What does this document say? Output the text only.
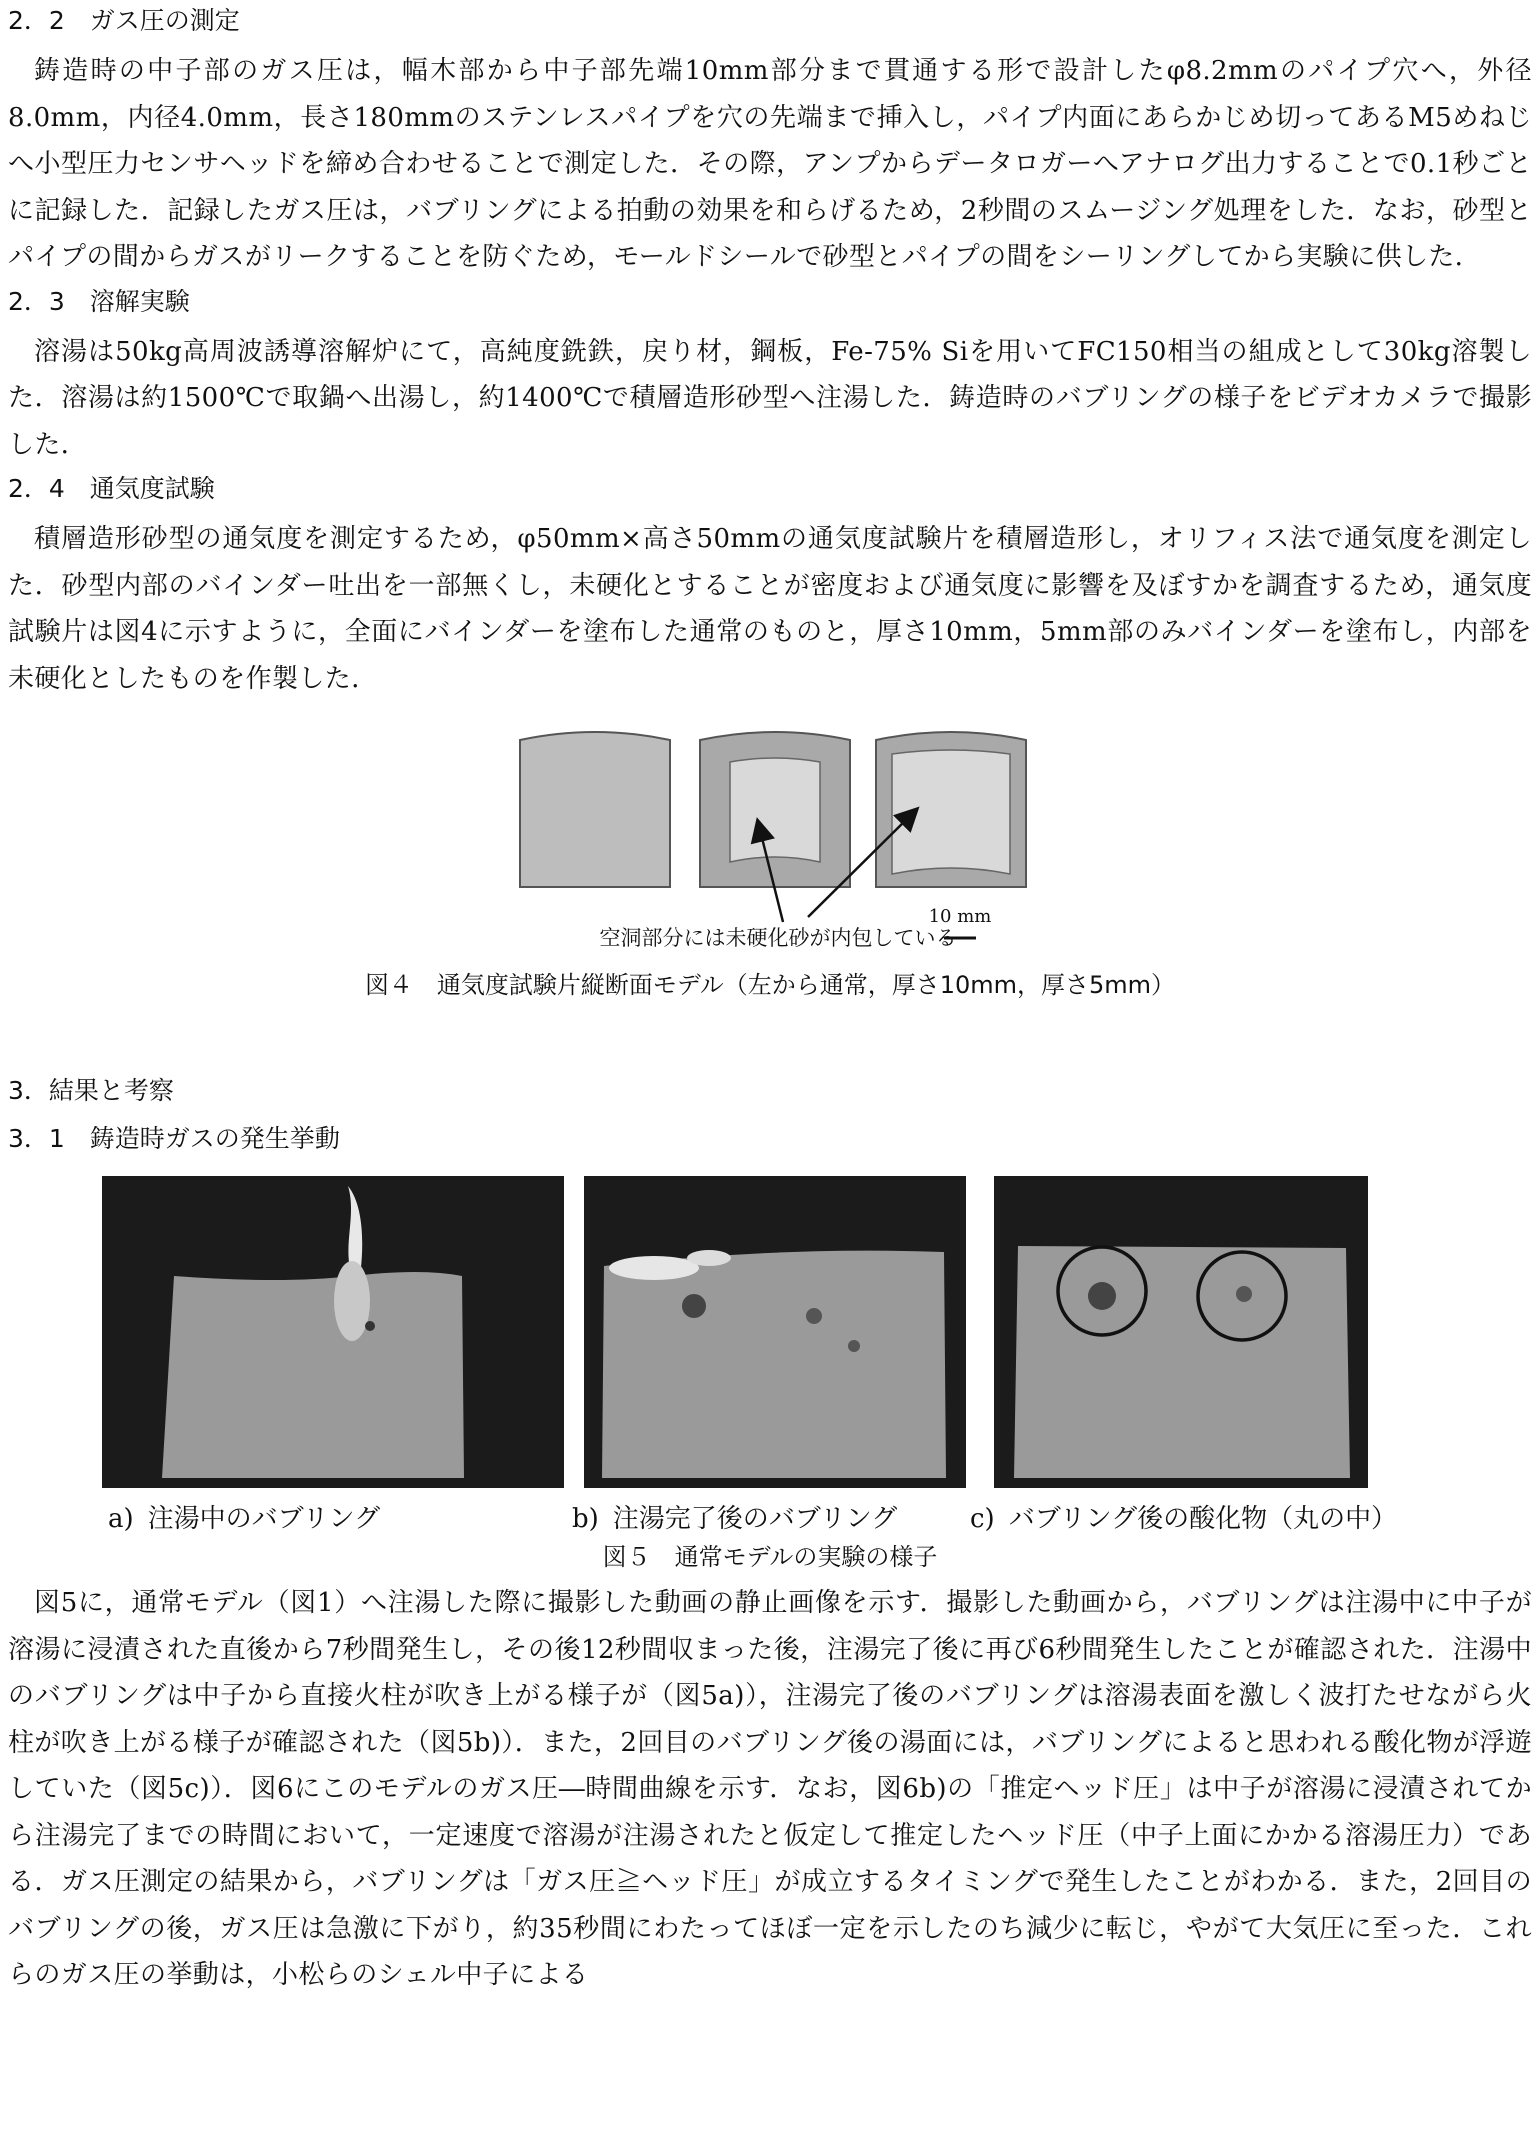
2．2　ガス圧の測定

鋳造時の中子部のガス圧は，幅木部から中子部先端10mm部分まで貫通する形で設計したφ8.2mmのパイプ穴へ，外径8.0mm，内径4.0mm，長さ180mmのステンレスパイプを穴の先端まで挿入し，パイプ内面にあらかじめ切ってあるM5めねじへ小型圧力センサヘッドを締め合わせることで測定した．その際，アンプからデータロガーへアナログ出力することで0.1秒ごとに記録した．記録したガス圧は，バブリングによる拍動の効果を和らげるため，2秒間のスムージング処理をした．なお，砂型とパイプの間からガスがリークすることを防ぐため，モールドシールで砂型とパイプの間をシーリングしてから実験に供した．

2．3　溶解実験

溶湯は50kg高周波誘導溶解炉にて，高純度銑鉄，戻り材，鋼板，Fe-75% Siを用いてFC150相当の組成として30kg溶製した．溶湯は約1500℃で取鍋へ出湯し，約1400℃で積層造形砂型へ注湯した．鋳造時のバブリングの様子をビデオカメラで撮影した．

2．4　通気度試験

積層造形砂型の通気度を測定するため，φ50mm×高さ50mmの通気度試験片を積層造形し，オリフィス法で通気度を測定した．砂型内部のバインダー吐出を一部無くし，未硬化とすることが密度および通気度に影響を及ぼすかを調査するため，通気度試験片は図4に示すように，全面にバインダーを塗布した通常のものと，厚さ10mm，5mm部のみバインダーを塗布し，内部を未硬化としたものを作製した．

空洞部分には未硬化砂が内包している
10 mm

図４　通気度試験片縦断面モデル（左から通常，厚さ10mm，厚さ5mm）

3．結果と考察
3．1　鋳造時ガスの発生挙動
a) 注湯中のバブリング	b) 注湯完了後のバブリング	c) バブリング後の酸化物（丸の中）

図５　通常モデルの実験の様子

図5に，通常モデル（図1）へ注湯した際に撮影した動画の静止画像を示す．撮影した動画から，バブリングは注湯中に中子が溶湯に浸漬された直後から7秒間発生し，その後12秒間収まった後，注湯完了後に再び6秒間発生したことが確認された．注湯中のバブリングは中子から直接火柱が吹き上がる様子が（図5a)），注湯完了後のバブリングは溶湯表面を激しく波打たせながら火柱が吹き上がる様子が確認された（図5b)）．また，2回目のバブリング後の湯面には，バブリングによると思われる酸化物が浮遊していた（図5c)）．図6にこのモデルのガス圧―時間曲線を示す．なお，図6b)の「推定ヘッド圧」は中子が溶湯に浸漬されてから注湯完了までの時間において，一定速度で溶湯が注湯されたと仮定して推定したヘッド圧（中子上面にかかる溶湯圧力）である．ガス圧測定の結果から，バブリングは「ガス圧≧ヘッド圧」が成立するタイミングで発生したことがわかる．また，2回目のバブリングの後，ガス圧は急激に下がり，約35秒間にわたってほぼ一定を示したのち減少に転じ，やがて大気圧に至った．これらのガス圧の挙動は，小松らのシェル中子による
